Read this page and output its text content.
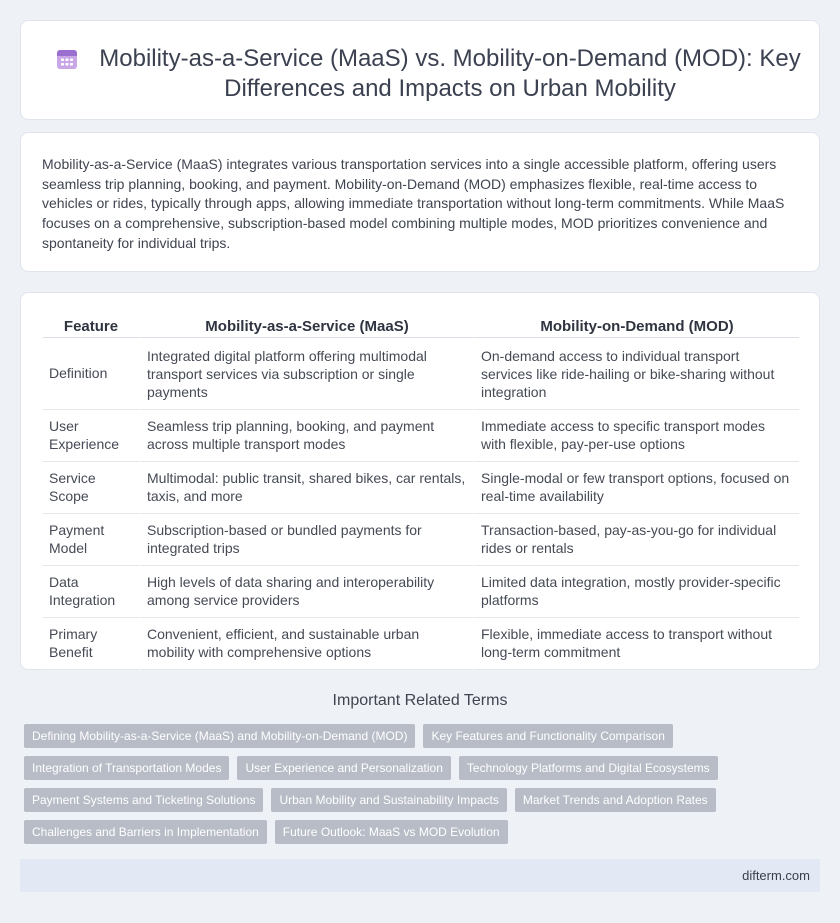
Mobility-as-a-Service (MaaS) vs. Mobility-on-Demand (MOD): Key Differences and Impacts on Urban Mobility

Mobility-as-a-Service (MaaS) integrates various transportation services into a single accessible platform, offering users seamless trip planning, booking, and payment. Mobility-on-Demand (MOD) emphasizes flexible, real-time access to vehicles or rides, typically through apps, allowing immediate transportation without long-term commitments. While MaaS focuses on a comprehensive, subscription-based model combining multiple modes, MOD prioritizes convenience and spontaneity for individual trips.

Feature	Mobility-as-a-Service (MaaS)	Mobility-on-Demand (MOD)
Definition	Integrated digital platform offering multimodal transport services via subscription or single payments	On-demand access to individual transport services like ride-hailing or bike-sharing without integration
User Experience	Seamless trip planning, booking, and payment across multiple transport modes	Immediate access to specific transport modes with flexible, pay-per-use options
Service Scope	Multimodal: public transit, shared bikes, car rentals, taxis, and more	Single-modal or few transport options, focused on real-time availability
Payment Model	Subscription-based or bundled payments for integrated trips	Transaction-based, pay-as-you-go for individual rides or rentals
Data Integration	High levels of data sharing and interoperability among service providers	Limited data integration, mostly provider-specific platforms
Primary Benefit	Convenient, efficient, and sustainable urban mobility with comprehensive options	Flexible, immediate access to transport without long-term commitment
Important Related Terms
Defining Mobility-as-a-Service (MaaS) and Mobility-on-Demand (MOD)	Key Features and Functionality Comparison
Integration of Transportation Modes	User Experience and Personalization	Technology Platforms and Digital Ecosystems
Payment Systems and Ticketing Solutions	Urban Mobility and Sustainability Impacts	Market Trends and Adoption Rates
Challenges and Barriers in Implementation	Future Outlook: MaaS vs MOD Evolution
difterm.com
